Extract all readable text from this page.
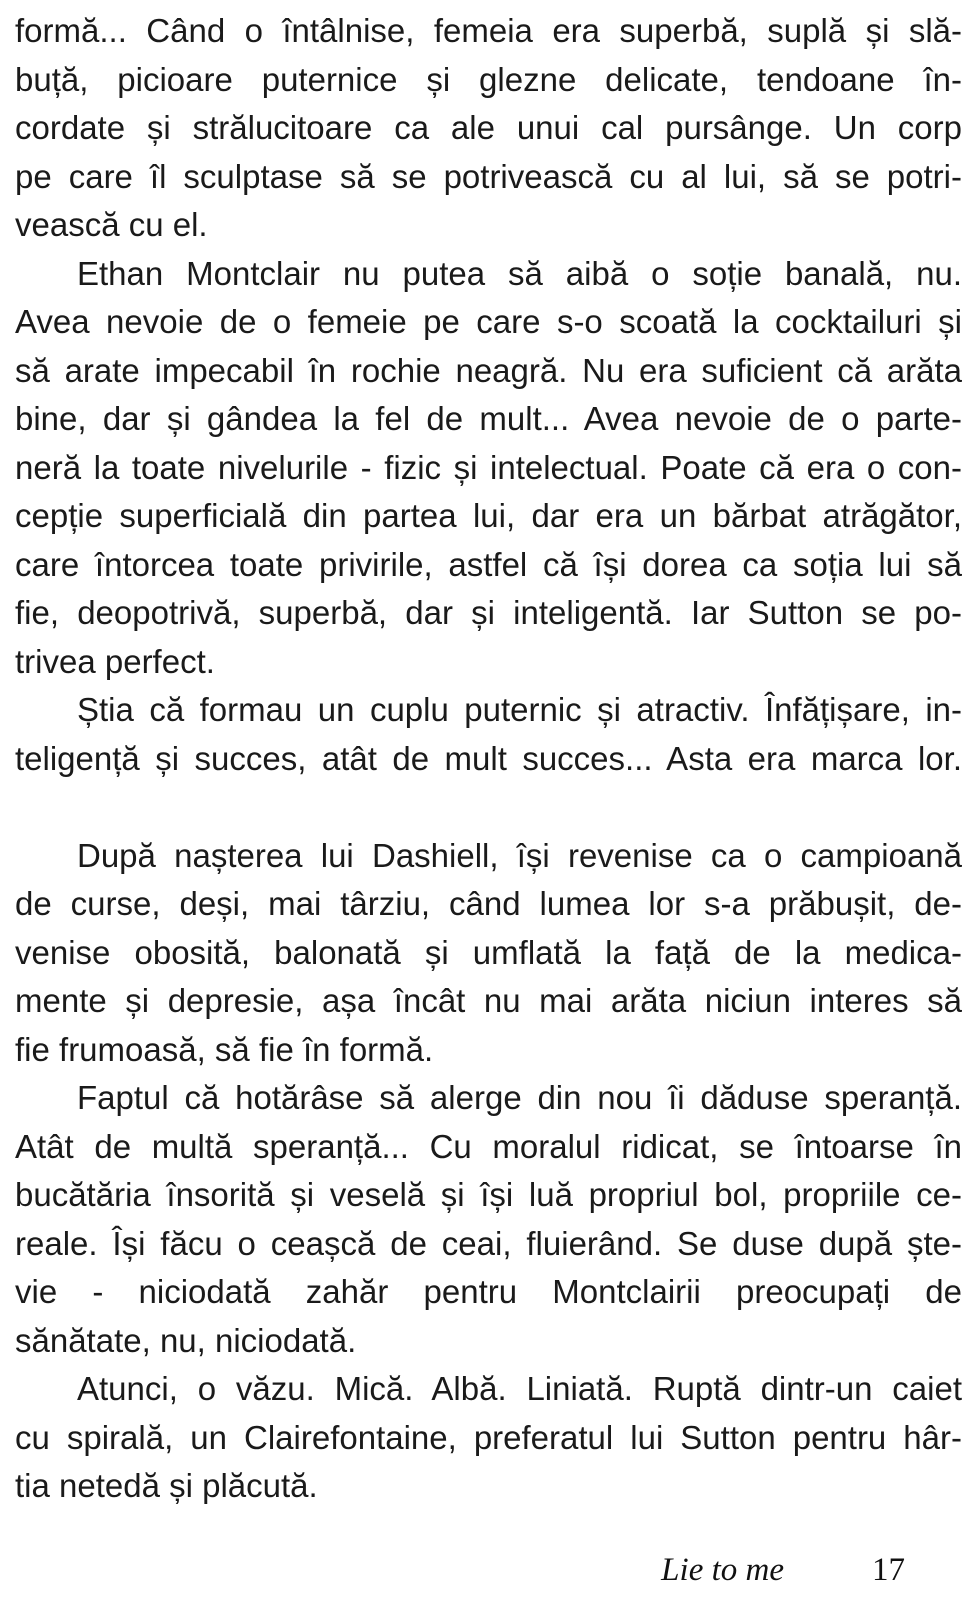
formă... Când o întâlnise, femeia era superbă, suplă și slă-
buță, picioare puternice și glezne delicate, tendoane în-
cordate și strălucitoare ca ale unui cal pursânge. Un corp
pe care îl sculptase să se potrivească cu al lui, să se potri-
vească cu el.
Ethan Montclair nu putea să aibă o soție banală, nu.
Avea nevoie de o femeie pe care s-o scoată la cocktailuri și
să arate impecabil în rochie neagră. Nu era suficient că arăta
bine, dar și gândea la fel de mult... Avea nevoie de o parte-
neră la toate nivelurile - fizic și intelectual. Poate că era o con-
cepție superficială din partea lui, dar era un bărbat atrăgător,
care întorcea toate privirile, astfel că își dorea ca soția lui să
fie, deopotrivă, superbă, dar și inteligentă. Iar Sutton se po-
trivea perfect.
Știa că formau un cuplu puternic și atractiv. Înfățișare, in-
teligență și succes, atât de mult succes... Asta era marca lor.
După nașterea lui Dashiell, își revenise ca o campioană
de curse, deși, mai târziu, când lumea lor s-a prăbușit, de-
venise obosită, balonată și umflată la față de la medica-
mente și depresie, așa încât nu mai arăta niciun interes să
fie frumoasă, să fie în formă.
Faptul că hotărâse să alerge din nou îi dăduse speranță.
Atât de multă speranță... Cu moralul ridicat, se întoarse în
bucătăria însorită și veselă și își luă propriul bol, propriile ce-
reale. Își făcu o ceașcă de ceai, fluierând. Se duse după ște-
vie - niciodată zahăr pentru Montclairii preocupați de
sănătate, nu, niciodată.
Atunci, o văzu. Mică. Albă. Liniată. Ruptă dintr-un caiet
cu spirală, un Clairefontaine, preferatul lui Sutton pentru hâr-
tia netedă și plăcută.
Lie to me	17
